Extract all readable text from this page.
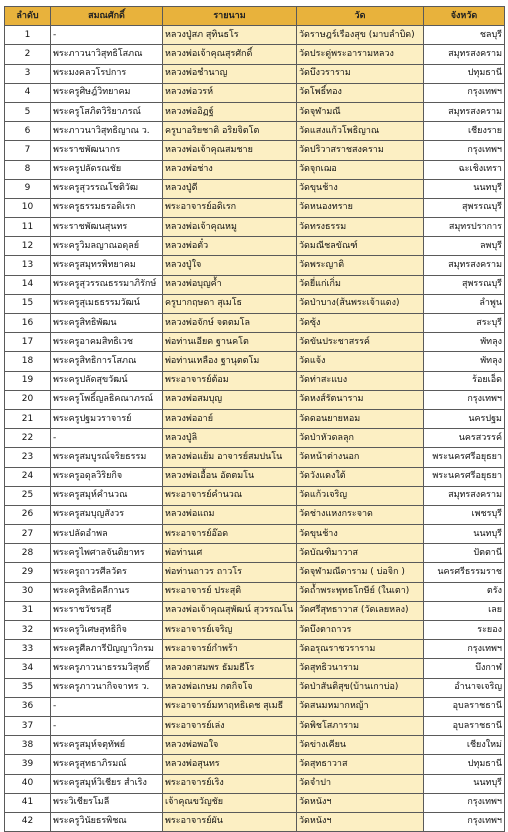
ลำดับ	สมณศักดิ์	รายนาม	วัด	จังหวัด
1	-	หลวงปู่สภ สุทินธโร	วัดราษฎร์เรืองสุข (มาบลำบิด)	ชลบุรี
2	พระภาวนาวิสุทธิโสภณ	หลวงพ่อเจ้าคุณสุรศักดิ์	วัดประดู่พระอารามหลวง	สมุทรสงคราม
3	พระมงคลวโรปการ	หลวงพ่อชำนาญ	วัดบึงวราราม	ปทุมธานี
4	พระครูศิษฎ์วิทยาคม	หลวงพ่อวรห์	วัดโพธิ์ทอง	กรุงเทพฯ
5	พระครูโสภิตวิริยาภรณ์	หลวงพ่ออิฏฐ์	วัดจุฬามณี	สมุทรสงคราม
6	พระภาวนาวิสุทธิญาณ ว.	ครูบาอริยชาติ อริยจิตโต	วัดแสงแก้วโพธิญาณ	เชียงราย
7	พระราชพัฒนากร	หลวงพ่อเจ้าคุณสมชาย	วัดปริวาสราชสงคราม	กรุงเทพฯ
8	พระครูปลัดรณชัย	หลวงพ่อช่าง	วัดจุกเฌอ	ฉะเชิงเทรา
9	พระครูสุวรรณโชติวัฒ	หลวงปู่ดี	วัดขุนช้าง	นนทบุรี
10	พระครูธรรมธรอดิเรก	พระอาจารย์อดิเรก	วัดหนองทราย	สุพรรณบุรี
11	พระราชพัฒนสุนทร	หลวงพ่อเจ้าคุณหมู	วัดทรงธรรม	สมุทรปราการ
12	พระครูวิมลญาณอดุลย์	หลวงพ่อตั๋ว	วัดมณีชลขัณฑ์	ลพบุรี
13	พระครูสมุทรพิทยาคม	หลวงปู่ใจ	วัดพระญาติ	สมุทรสงคราม
14	พระครูสุวรรณธรรมาภิรักษ์	หลวงพ่อบุญค้ำ	วัดยี่แก่เกิ่ม	สุพรรณบุรี
15	พระครูสุเมธธรรมวัฒน์	ครูบากฤษดา สุเมโธ	วัดป่าบาง(ส้นพระเจ้าแดง)	ลำพูน
16	พระครูสิทธิพัฒน	หลวงพ่อจักษ์ จตตมโล	วัดซุ้ง	สระบุรี
17	พระครูอาคมสิทธิเวช	พ่อท่านเอียด ฐานคโต	วัดขันประชาสรรค์	พัทลุง
18	พระครูสิทธิการโสภณ	พ่อท่านเหลือง ฐานุตตโม	วัดแจ้ง	พัทลุง
19	พระครูปลัดสุขวัฒน์	พระอาจารย์ต้อม	วัดท่าสะแบง	ร้อยเอ็ด
20	พระครูโพธิ์ญลธิคณาภรณ์	หลวงพ่อสมบุญ	วัดหงส์รัตนาราม	กรุงเทพฯ
21	พระครูปฐมวราจารย์	หลวงพ่ออาย์	วัดดอนยายหอม	นครปฐม
22	-	หลวงปู่ลิ	วัดป่าหัวดลลุก	นครสวรรค์
23	พระครูสมบูรณ์จริยธรรม	หลวงพ่อแย้ม อาจารย์สมปนโน	วัดหน้าต่างนอก	พระนครศรีอยุธยา
24	พระครูอดุลวิริยกิจ	หลวงพ่อเอื้อน อัตตมโน	วัดวังแดงใต้	พระนครศรีอยุธยา
25	พระครูสมุห์คำนวณ	พระอาจารย์คำนวณ	วัดแก้วเจริญ	สมุทรสงคราม
26	พระครูสมบุญสังวร	หลวงพ่อแถม	วัดช่างแหงกระจาด	เพชรบุรี
27	พระปลัดอำพล	พระอาจารย์อ๊อด	วัดขุนช้าง	นนทบุรี
28	พระครูไพศาลจันติยาทร	พ่อท่านเศ	วัดบัณฑิมาวาส	ปัตตานี
29	พระครูถาวรศีลวัตร	พ่อท่านถาวร ถาวโร	วัดจุฬามณีดาราม ( บ่อจิก )	นครศรีธรรมราช
30	พระครูสิทธิคลีกานร	พระอาจารย์ ประสุติ	วัดถ้ำพระพุทธโกษีย์ (ในเตา)	ตรัง
31	พระราชวัชรสุธี	หลวงพ่อเจ้าคุณสุพัฒน์ สุวรรณโน	วัดศรีสุทธาวาส (วัดเลยหลง)	เลย
32	พระครูวิเศษสุทธิกิจ	พระอาจารย์เจริญ	วัดบึงตาถาวร	ระยอง
33	พระครูศีลภารีปัญญาวิกรม	พระอาจารย์กำพร้า	วัดอรุณราชวราราม	กรุงเทพฯ
34	พระครูภาวนาธรรมวิสุทธิ์	หลวงตาสมพร ธัมมธีโร	วัดสุทธิวนาราม	บึงกาฬ
35	พระครูภาวนากิจจาทร ว.	หลวงพ่อเกษม กตกิจโจ	วัดป่าสันติสุข(บ้านเกาบ่อ)	อำนาจเจริญ
36	-	พระอาจารย์มหาฤทธิเดช สุเมธี	วัดสนมหมากหญ้า	อุบลราชธานี
37	-	พระอาจารย์เล่ง	วัดพิชโสภาราม	อุบลราชธานี
38	พระครูสมุห์จตุทัพย์	หลวงพ่อพอใจ	วัดข่างเคียน	เชียงใหม่
39	พระครูสุทธาภิรมณ์	หลวงพ่อสุนทร	วัดสุทธาวาส	ปทุมธานี
40	พระครูสมุห์วิเชียร สำเริง	พระอาจารย์เริง	วัดจำปา	นนทบุรี
41	พระวิเชียรโมลี	เจ้าคุณขวัญชัย	วัดหนังฯ	กรุงเทพฯ
42	พระครูวินัยธรพิชณ	พระอาจารย์ผัน	วัดหนังฯ	กรุงเทพฯ
